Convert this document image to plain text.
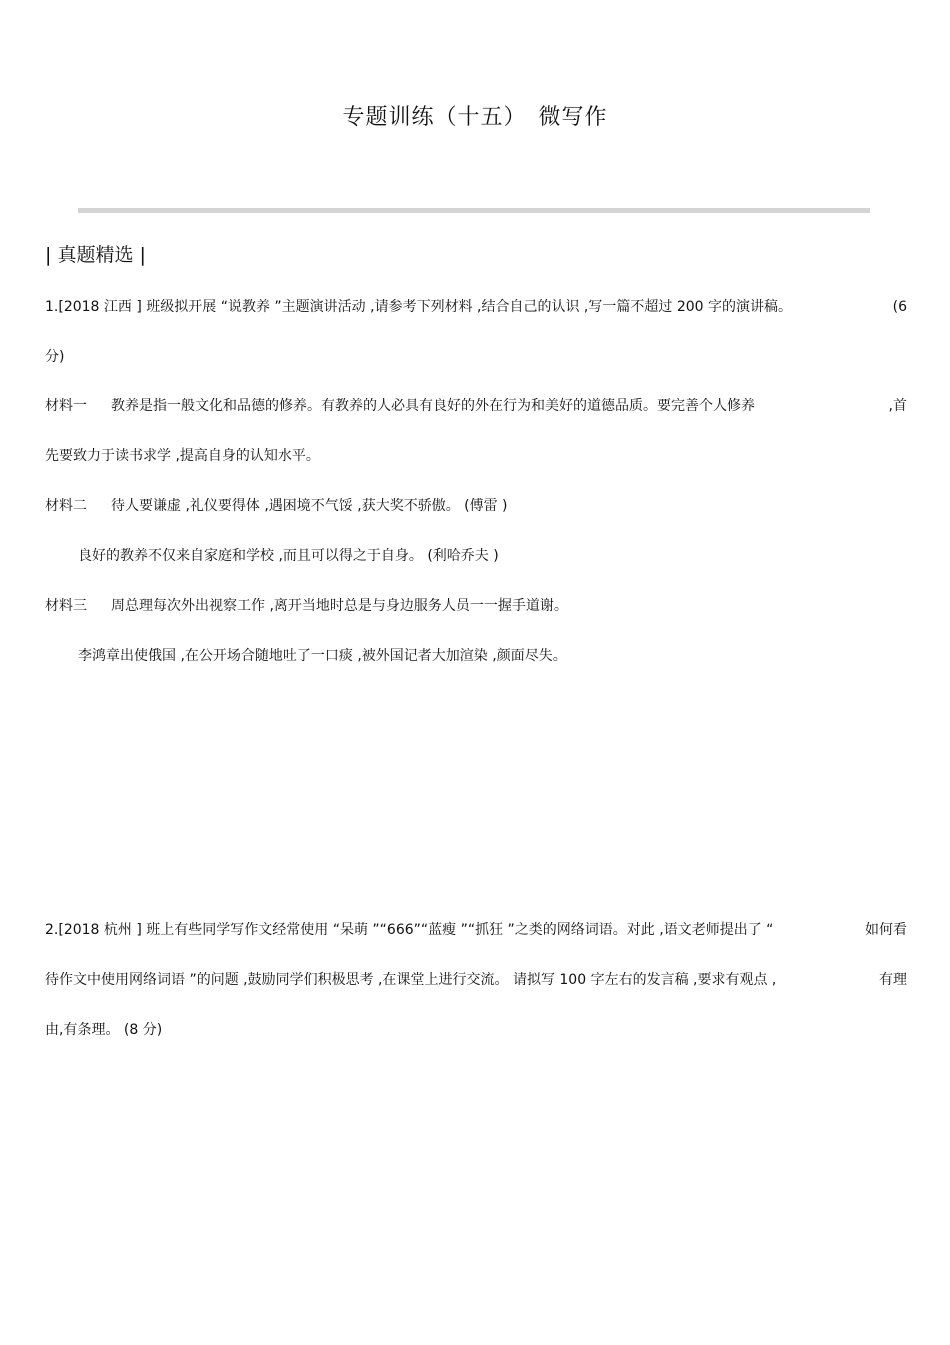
专题训练（十五）　微写作
| 真题精选 |
1.[2018 江西 ] 班级拟开展 “说教养 ”主题演讲活动 ,请参考下列材料 ,结合自己的认识 ,写一篇不超过 200 字的演讲稿。	(6
分)
材料一 教养是指一般文化和品德的修养。有教养的人必具有良好的外在行为和美好的道德品质。要完善个人修养	,首
先要致力于读书求学 ,提高自身的认知水平。
材料二 待人要谦虚 ,礼仪要得体 ,遇困境不气馁 ,获大奖不骄傲。 (傅雷 )
良好的教养不仅来自家庭和学校 ,而且可以得之于自身。 (利哈乔夫 )
材料三 周总理每次外出视察工作 ,离开当地时总是与身边服务人员一一握手道谢。
李鸿章出使俄国 ,在公开场合随地吐了一口痰 ,被外国记者大加渲染 ,颜面尽失。
2.[2018 杭州 ] 班上有些同学写作文经常使用 “呆萌 ”“666”“蓝瘦 ”“抓狂 ”之类的网络词语。对此 ,语文老师提出了 “	如何看
待作文中使用网络词语 ”的问题 ,鼓励同学们积极思考 ,在课堂上进行交流。 请拟写 100 字左右的发言稿 ,要求有观点 ,	有理
由,有条理。 (8 分)
